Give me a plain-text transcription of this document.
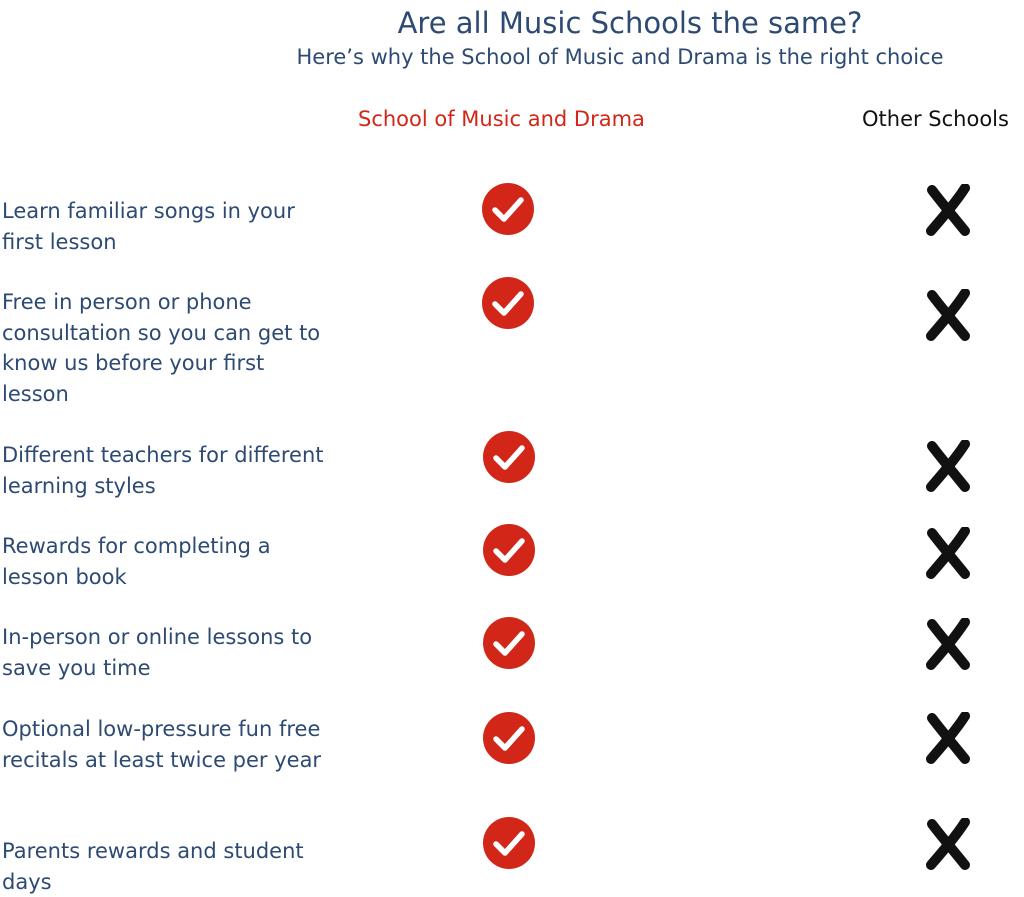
Are all Music Schools the same?
Here’s why the School of Music and Drama is the right choice
School of Music and Drama	Other Schools
Learn familiar songs in your first lesson
Free in person or phone consultation so you can get to know us before your first lesson
Different teachers for different learning styles
Rewards for completing a lesson book
In-person or online lessons to save you time
Optional low-pressure fun free recitals at least twice per year
Parents rewards and student days
